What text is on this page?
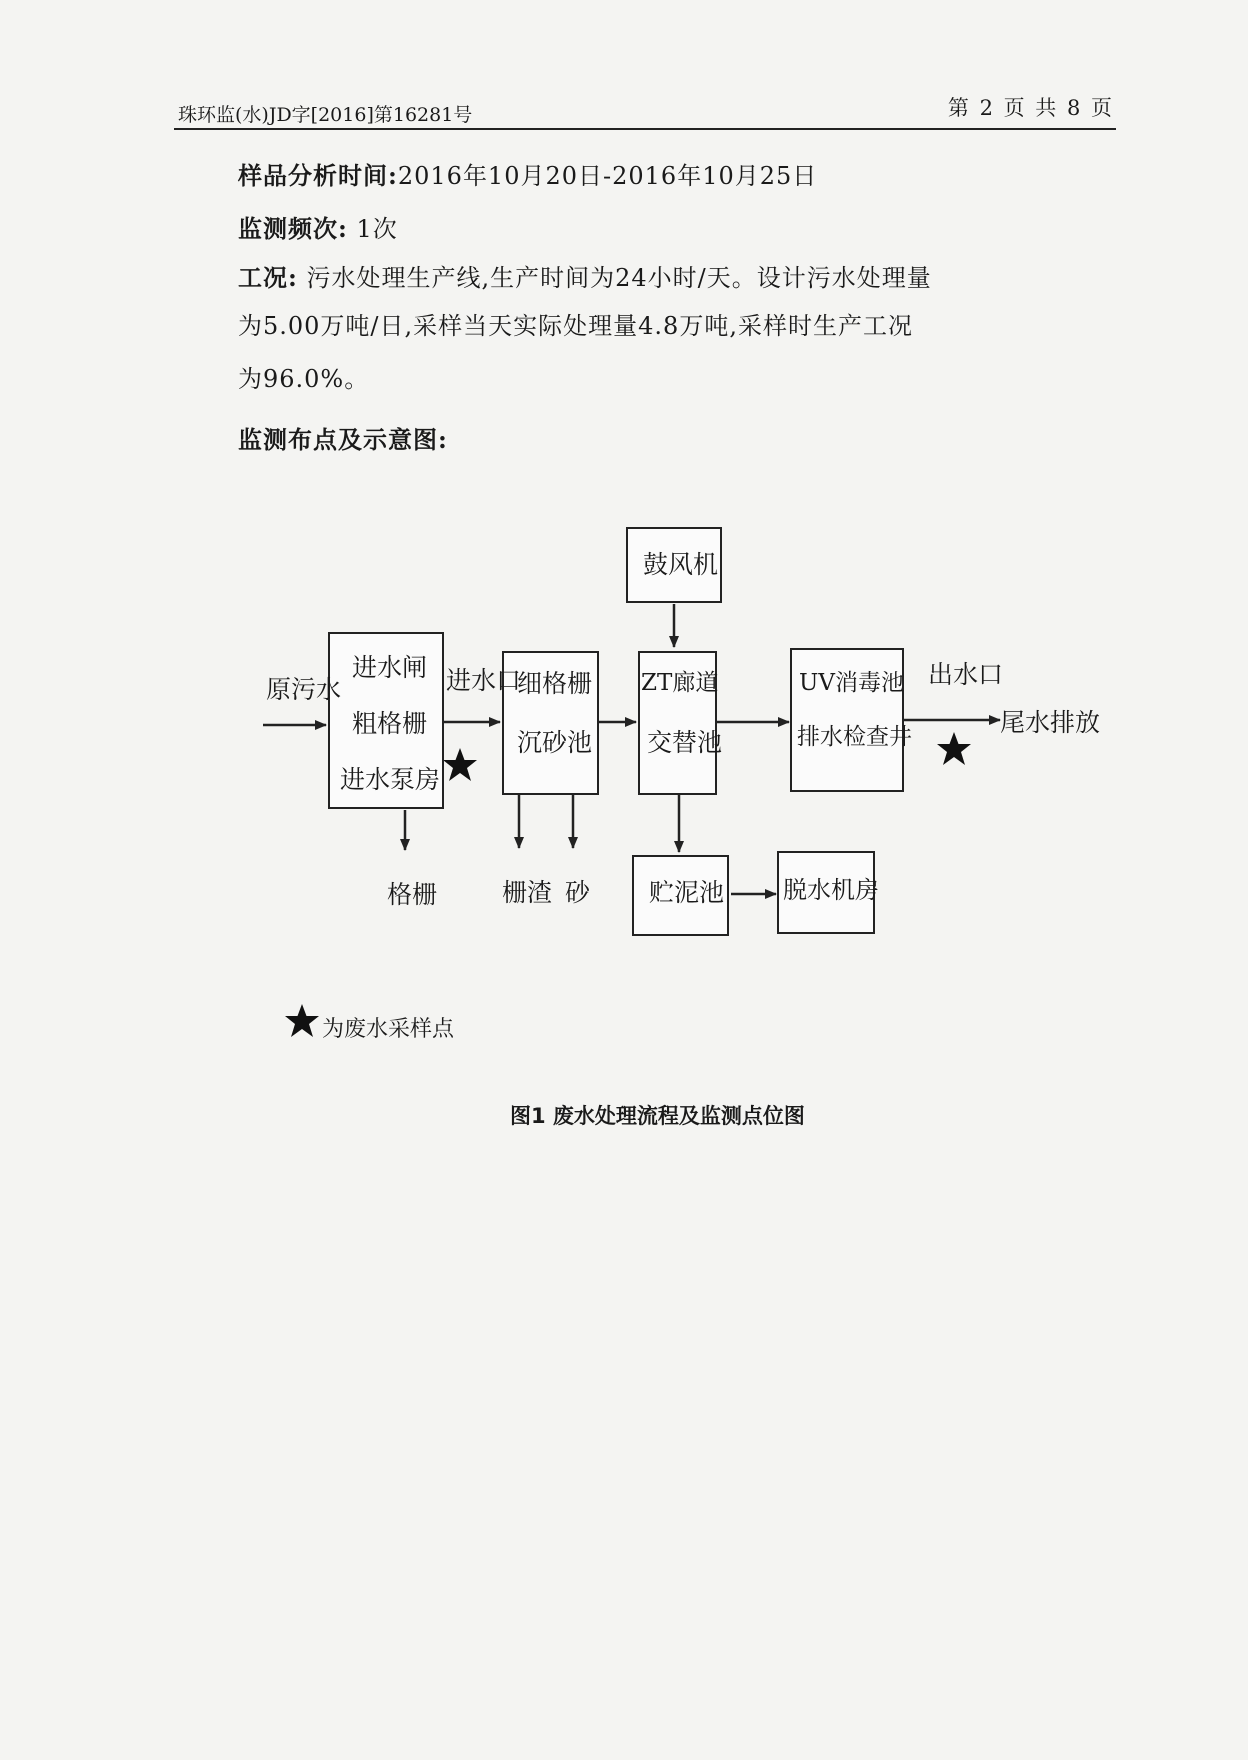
珠环监(水)JD字[2016]第16281号	第 2 页 共 8 页
样品分析时间:2016年10月20日-2016年10月25日
监测频次: 1次
工况: 污水处理生产线,生产时间为24小时/天。设计污水处理量
为5.00万吨/日,采样当天实际处理量4.8万吨,采样时生产工况
为96.0%。
监测布点及示意图:
进水闸
粗格栅
进水泵房
细格栅
沉砂池
鼓风机
ZT廊道
交替池
UV消毒池
排水检查井
贮泥池 脱水机房
原污水	进水口	出水口
尾水排放
格栅	栅渣 砂
为废水采样点
图1 废水处理流程及监测点位图
